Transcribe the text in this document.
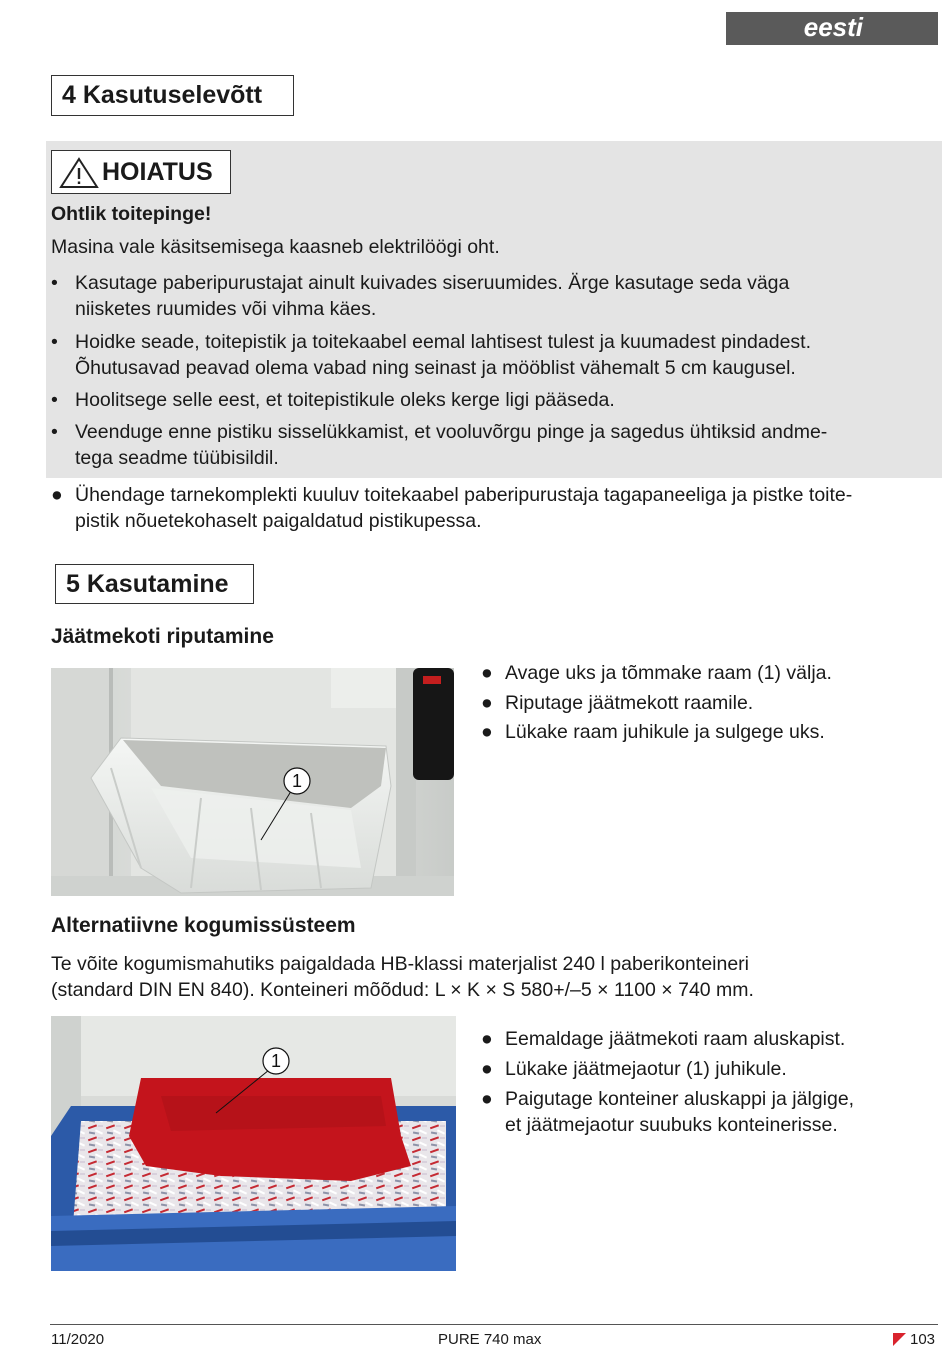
eesti
4 Kasutuselevõtt
HOIATUS
Ohtlik toitepinge!
Masina vale käsitsemisega kaasneb elektrilöögi oht.
• Kasutage paberipurustajat ainult kuivades siseruumides. Ärge kasutage seda väga
niisketes ruumides või vihma käes.
• Hoidke seade, toitepistik ja toitekaabel eemal lahtisest tulest ja kuumadest pindadest.
Õhutusavad peavad olema vabad ning seinast ja mööblist vähemalt 5 cm kaugusel.
• Hoolitsege selle eest, et toitepistikule oleks kerge ligi pääseda.
• Veenduge enne pistiku sisselükkamist, et vooluvõrgu pinge ja sagedus ühtiksid andme-
tega seadme tüübisildil.
● Ühendage tarnekomplekti kuuluv toitekaabel paberipurustaja tagapaneeliga ja pistke toite-
pistik nõuetekohaselt paigaldatud pistikupessa.
5 Kasutamine
Jäätmekoti riputamine
1
● Avage uks ja tõmmake raam (1) välja.
● Riputage jäätmekott raamile.
● Lükake raam juhikule ja sulgege uks.
Alternatiivne kogumissüsteem
Te võite kogumismahutiks paigaldada HB-klassi materjalist 240 l paberikonteineri
(standard DIN EN 840). Konteineri mõõdud: L × K × S 580+/–5 × 1100 × 740 mm.
1
● Eemaldage jäätmekoti raam aluskapist.
● Lükake jäätmejaotur (1) juhikule.
● Paigutage konteiner aluskappi ja jälgige,
et jäätmejaotur suubuks konteinerisse.
11/2020	PURE 740 max	103
